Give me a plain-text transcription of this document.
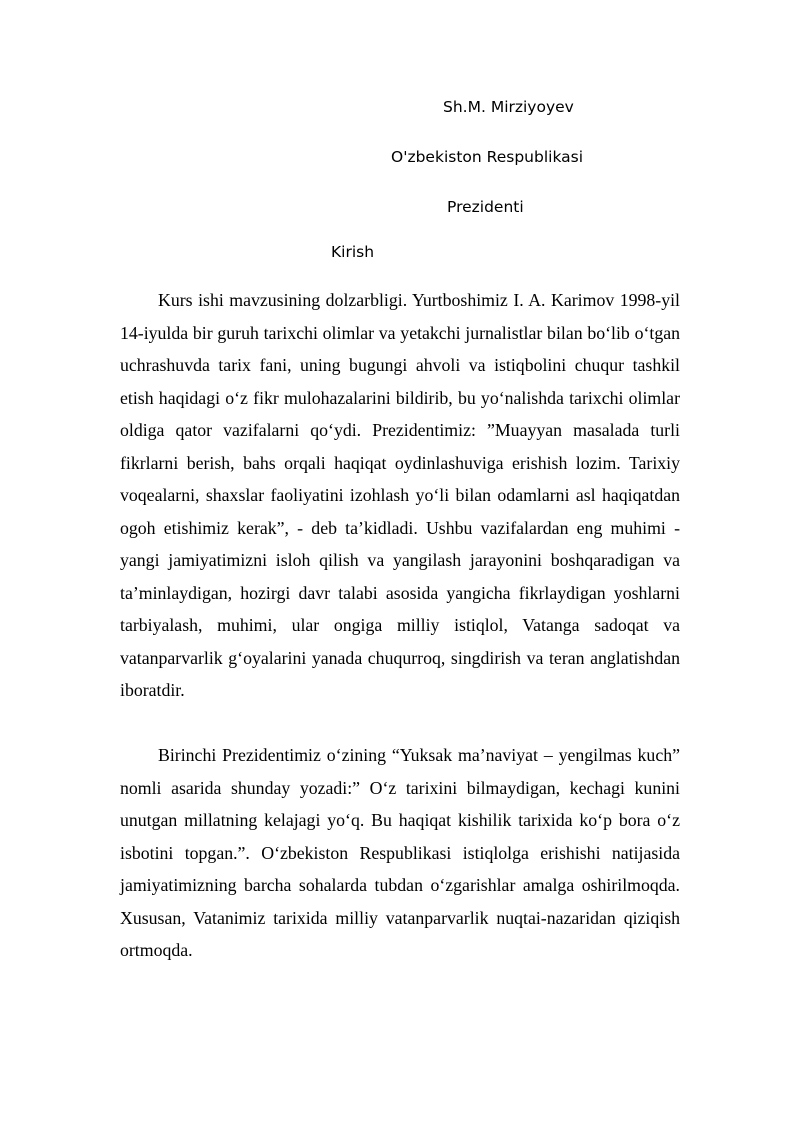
Sh.M. Mirziyoyev
O'zbekiston Respublikasi
Prezidenti
Kirish

Kurs ishi mavzusining dolzarbligi. Yurtboshimiz I. A. Karimov 1998-yil 14-iyulda bir guruh tarixchi olimlar va yetakchi jurnalistlar bilan bo‘lib o‘tgan uchrashuvda tarix fani, uning bugungi ahvoli va istiqbolini chuqur tashkil etish haqidagi o‘z fikr mulohazalarini bildirib, bu yo‘nalishda tarixchi olimlar oldiga qator vazifalarni qo‘ydi. Prezidentimiz: ”Muayyan masalada turli fikrlarni berish, bahs orqali haqiqat oydinlashuviga erishish lozim. Tarixiy voqealarni, shaxslar faoliyatini izohlash yo‘li bilan odamlarni asl haqiqatdan ogoh etishimiz kerak”, - deb ta’kidladi. Ushbu vazifalardan eng muhimi - yangi jamiyatimizni isloh qilish va yangilash jarayonini boshqaradigan va ta’minlaydigan, hozirgi davr talabi asosida yangicha fikrlaydigan yoshlarni tarbiyalash, muhimi, ular ongiga milliy istiqlol, Vatanga sadoqat va vatanparvarlik g‘oyalarini yanada chuqurroq, singdirish va teran anglatishdan iboratdir.

Birinchi Prezidentimiz o‘zining “Yuksak ma’naviyat – yengilmas kuch” nomli asarida shunday yozadi:” O‘z tarixini bilmaydigan, kechagi kunini unutgan millatning kelajagi yo‘q. Bu haqiqat kishilik tarixida ko‘p bora o‘z isbotini topgan.”. O‘zbekiston Respublikasi istiqlolga erishishi natijasida jamiyatimizning barcha sohalarda tubdan o‘zgarishlar amalga oshirilmoqda. Xususan, Vatanimiz tarixida milliy vatanparvarlik nuqtai-nazaridan qiziqish ortmoqda.
